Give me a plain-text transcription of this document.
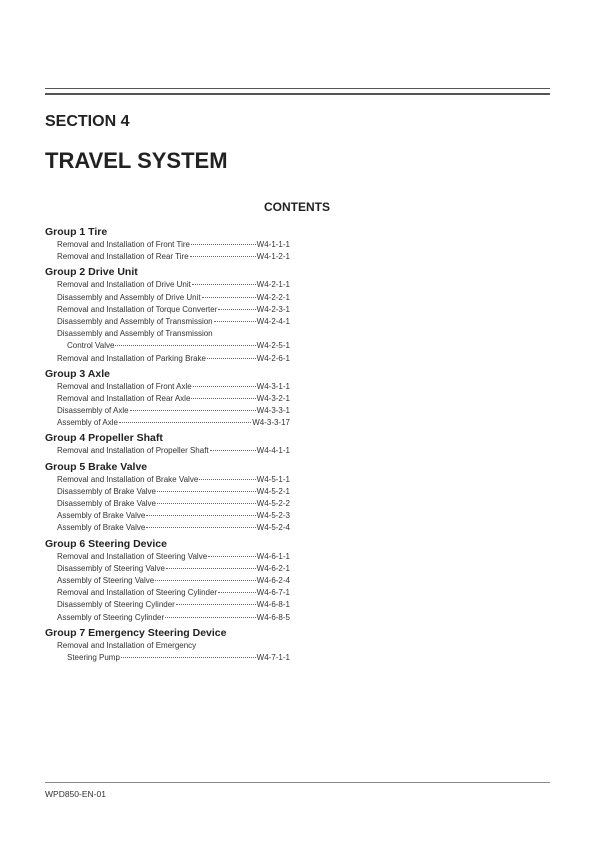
SECTION 4
TRAVEL SYSTEM
CONTENTS
Group 1 Tire
Removal and Installation of Front Tire	W4-1-1-1
Removal and Installation of Rear Tire	W4-1-2-1
Group 2 Drive Unit
Removal and Installation of Drive Unit	W4-2-1-1
Disassembly and Assembly of Drive Unit	W4-2-2-1
Removal and Installation of Torque Converter	W4-2-3-1
Disassembly and Assembly of Transmission	W4-2-4-1
Disassembly and Assembly of Transmission
Control Valve	W4-2-5-1
Removal and Installation of Parking Brake	W4-2-6-1
Group 3 Axle
Removal and Installation of Front Axle	W4-3-1-1
Removal and Installation of Rear Axle	W4-3-2-1
Disassembly of Axle	W4-3-3-1
Assembly of Axle	W4-3-3-17
Group 4 Propeller Shaft
Removal and Installation of Propeller Shaft	W4-4-1-1
Group 5 Brake Valve
Removal and Installation of Brake Valve	W4-5-1-1
Disassembly of Brake Valve	W4-5-2-1
Disassembly of Brake Valve	W4-5-2-2
Assembly of Brake Valve	W4-5-2-3
Assembly of Brake Valve	W4-5-2-4
Group 6 Steering Device
Removal and Installation of Steering Valve	W4-6-1-1
Disassembly of Steering Valve	W4-6-2-1
Assembly of Steering Valve	W4-6-2-4
Removal and Installation of Steering Cylinder	W4-6-7-1
Disassembly of Steering Cylinder	W4-6-8-1
Assembly of Steering Cylinder	W4-6-8-5
Group 7 Emergency Steering Device
Removal and Installation of Emergency
Steering Pump	W4-7-1-1
WPD850-EN-01
